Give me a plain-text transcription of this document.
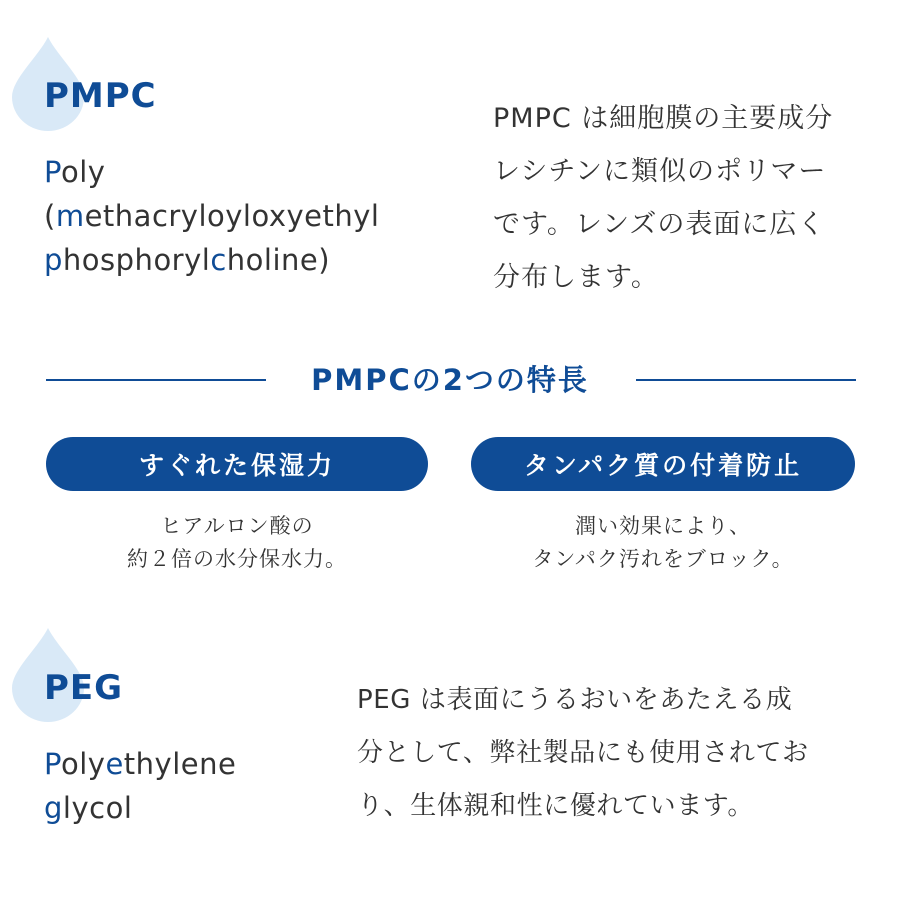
PMPC
Poly
(methacryloyloxyethyl
phosphorylcholine)
PMPC は細胞膜の主要成分
レシチンに類似のポリマー
です。レンズの表面に広く
分布します。
PMPCの2つの特長
すぐれた保湿力	タンパク質の付着防止
ヒアルロン酸の
約２倍の水分保水力。
潤い効果により、
タンパク汚れをブロック。
PEG
Polyethylene
glycol
PEG は表面にうるおいをあたえる成
分として、弊社製品にも使用されてお
り、生体親和性に優れています。
